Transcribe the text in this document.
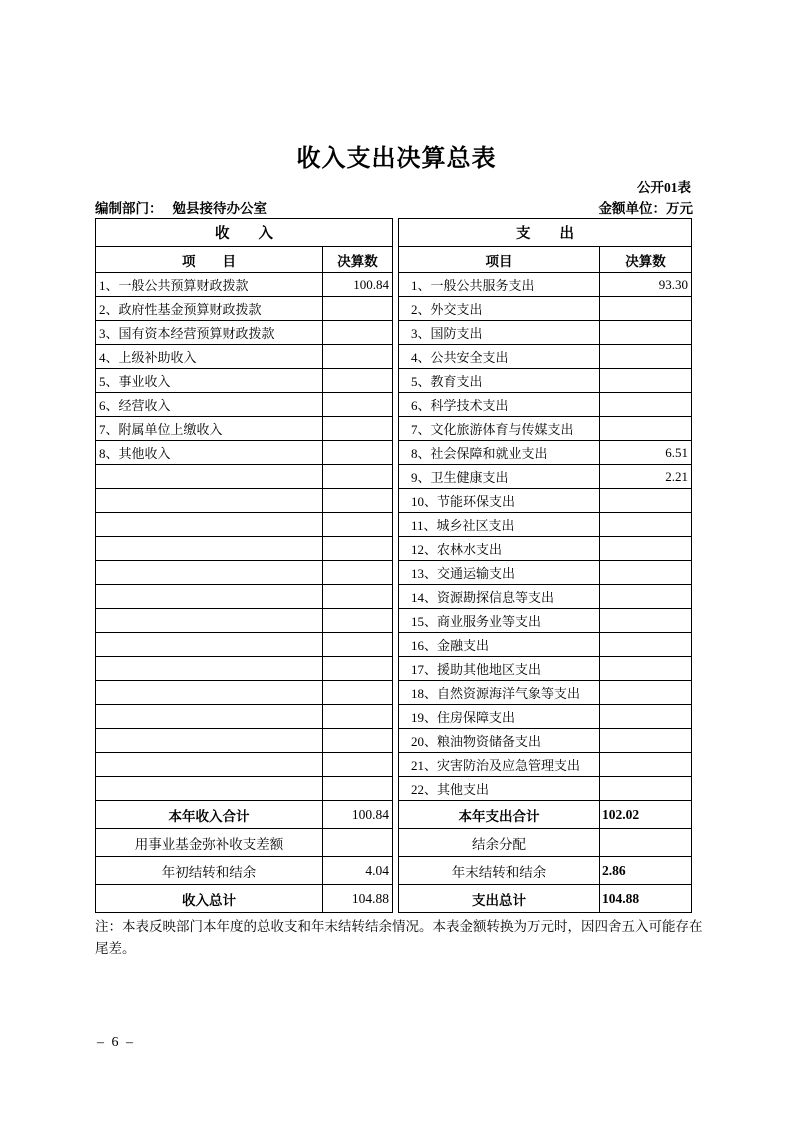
收入支出决算总表
公开01表
编制部门： 勉县接待办公室	金额单位：万元
收　　入	
项　　目	决算数
1、一般公共预算财政拨款	100.84
2、政府性基金预算财政拨款	
3、国有资本经营预算财政拨款	
4、上级补助收入	
5、事业收入	
6、经营收入	
7、附属单位上缴收入	
8、其他收入	

本年收入合计	100.84
用事业基金弥补收支差额	
年初结转和结余	4.04
收入总计	104.88
支　　出	
项目	决算数
1、一般公共服务支出	93.30
2、外交支出	
3、国防支出	
4、公共安全支出	
5、教育支出	
6、科学技术支出	
7、文化旅游体育与传媒支出	
8、社会保障和就业支出	6.51
9、卫生健康支出	2.21
10、节能环保支出	
11、城乡社区支出	
12、农林水支出	
13、交通运输支出	
14、资源勘探信息等支出	
15、商业服务业等支出	
16、金融支出	
17、援助其他地区支出	
18、自然资源海洋气象等支出	
19、住房保障支出	
20、粮油物资储备支出	
21、灾害防治及应急管理支出	
22、其他支出	
本年支出合计	102.02
结余分配	
年末结转和结余	2.86
支出总计	104.88
注：本表反映部门本年度的总收支和年末结转结余情况。本表金额转换为万元时，因四舍五入可能存在尾差。
– 6 –
